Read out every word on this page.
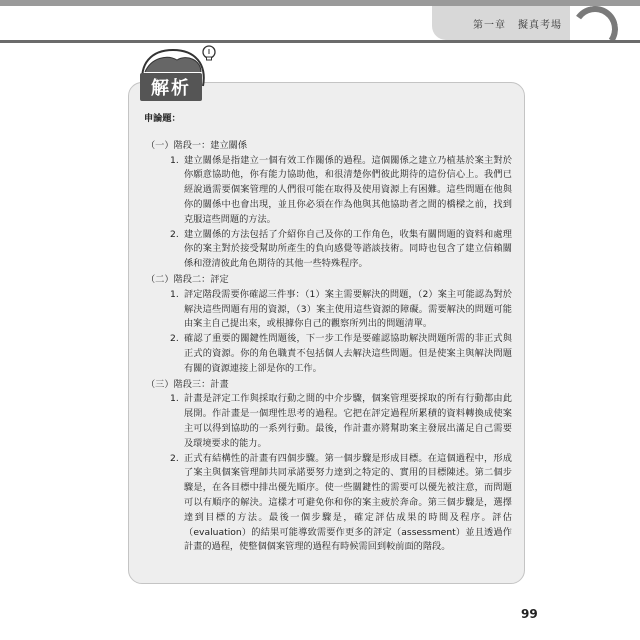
第一章 擬真考場
解析
申論題：
（一）階段一：建立關係
1. 建立關係是指建立一個有效工作關係的過程。這個關係之建立乃植基於案主對於你願意協助他，你有能力協助他，和很清楚你們彼此期待的這份信心上。我們已經說過需要個案管理的人們很可能在取得及使用資源上有困難。這些問題在他與你的關係中也會出現，並且你必須在作為他與其他協助者之間的橋樑之前，找到克服這些問題的方法。
2. 建立關係的方法包括了介紹你自己及你的工作角色，收集有關問題的資料和處理你的案主對於接受幫助所產生的負向感覺等諮談技術。同時也包含了建立信賴關係和澄清彼此角色期待的其他一些特殊程序。
（二）階段二：評定
1. 評定階段需要你確認三件事：（1）案主需要解決的問題，（2）案主可能認為對於解決這些問題有用的資源，（3）案主使用這些資源的障礙。需要解決的問題可能由案主自己提出來，或根據你自己的觀察所列出的問題清單。
2. 確認了重要的關鍵性問題後，下一步工作是要確認協助解決問題所需的非正式與正式的資源。你的角色職責不包括個人去解決這些問題。但是使案主與解決問題有關的資源連接上卻是你的工作。
（三）階段三：計畫
1. 計畫是評定工作與採取行動之間的中介步驟，個案管理要採取的所有行動都由此展開。作計畫是一個理性思考的過程。它把在評定過程所累積的資料轉換成使案主可以得到協助的一系列行動。最後，作計畫亦將幫助案主發展出滿足自己需要及環境要求的能力。
2. 正式有結構性的計畫有四個步驟。第一個步驟是形成目標。在這個過程中，形成了案主與個案管理師共同承諾要努力達到之特定的、實用的目標陳述。第二個步驟是，在各目標中排出優先順序。使一些關鍵性的需要可以優先被注意，而問題可以有順序的解決。這樣才可避免你和你的案主疲於奔命。第三個步驟是，選擇達到目標的方法。最後一個步驟是，確定評估成果的時間及程序。評估（evaluation）的結果可能導致需要作更多的評定（assessment）並且透過作計畫的過程，使整個個案管理的過程有時候需回到較前面的階段。
99
